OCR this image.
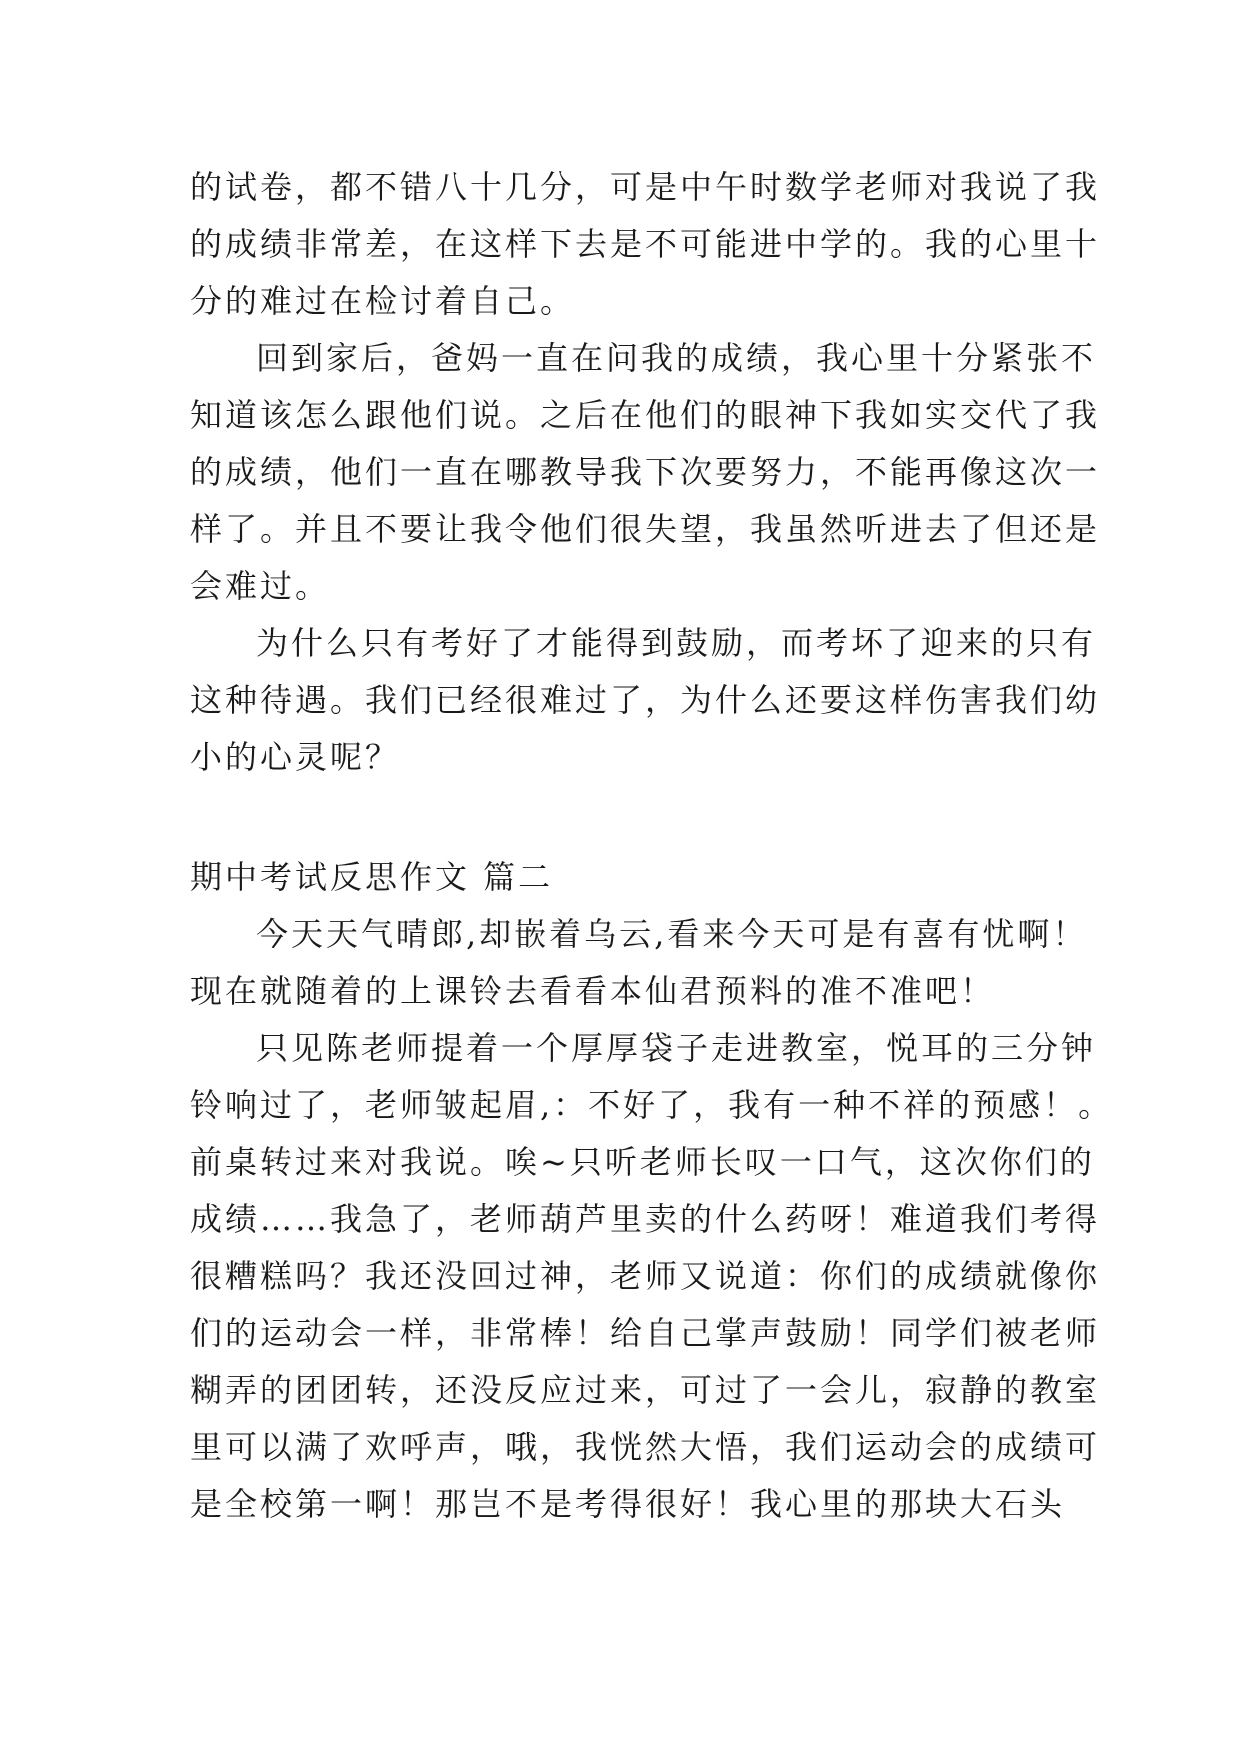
的试卷，都不错八十几分，可是中午时数学老师对我说了我
的成绩非常差，在这样下去是不可能进中学的。我的心里十
分的难过在检讨着自己。
回到家后，爸妈一直在问我的成绩，我心里十分紧张不
知道该怎么跟他们说。之后在他们的眼神下我如实交代了我
的成绩，他们一直在哪教导我下次要努力，不能再像这次一
样了。并且不要让我令他们很失望，我虽然听进去了但还是
会难过。
为什么只有考好了才能得到鼓励，而考坏了迎来的只有
这种待遇。我们已经很难过了，为什么还要这样伤害我们幼
小的心灵呢？
期中考试反思作文 篇二
今天天气晴郎,却嵌着乌云,看来今天可是有喜有忧啊！
现在就随着的上课铃去看看本仙君预料的准不准吧！
只见陈老师提着一个厚厚袋子走进教室，悦耳的三分钟
铃响过了，老师皱起眉,：不好了，我有一种不祥的预感！。
前桌转过来对我说。唉~只听老师长叹一口气，这次你们的
成绩……我急了，老师葫芦里卖的什么药呀！难道我们考得
很糟糕吗？我还没回过神，老师又说道：你们的成绩就像你
们的运动会一样，非常棒！给自己掌声鼓励！同学们被老师
糊弄的团团转，还没反应过来，可过了一会儿，寂静的教室
里可以满了欢呼声，哦，我恍然大悟，我们运动会的成绩可
是全校第一啊！那岂不是考得很好！我心里的那块大石头
